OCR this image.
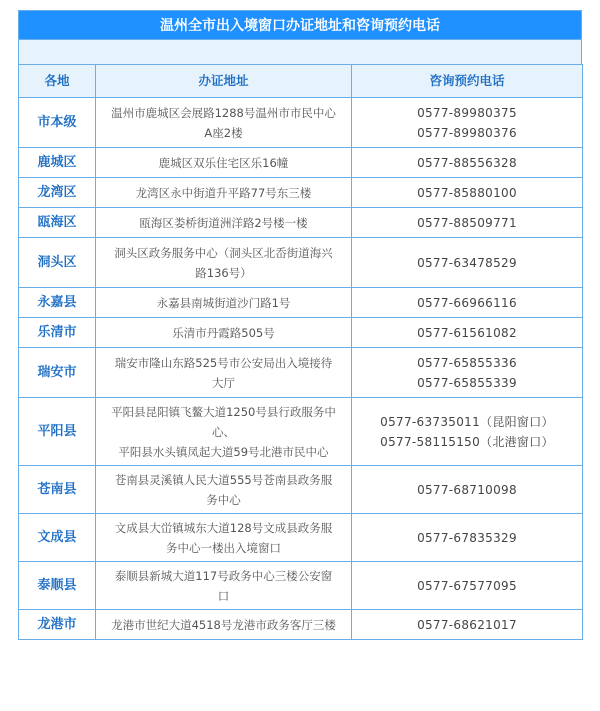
温州全市出入境窗口办证地址和咨询预约电话
各地	办证地址	咨询预约电话
市本级	温州市鹿城区会展路1288号温州市市民中心
A座2楼	0577-89980375
0577-89980376

鹿城区	鹿城区双乐住宅区乐16幢	0577-88556328

龙湾区	龙湾区永中街道升平路77号东三楼	0577-85880100

瓯海区	瓯海区娄桥街道洲洋路2号楼一楼	0577-88509771

洞头区	洞头区政务服务中心（洞头区北岙街道海兴
路136号）	0577-63478529

永嘉县	永嘉县南城街道沙门路1号	0577-66966116

乐清市	乐清市丹霞路505号	0577-61561082

瑞安市	瑞安市隆山东路525号市公安局出入境接待
大厅	0577-65855336
0577-65855339

平阳县	平阳县昆阳镇飞鳌大道1250号县行政服务中
心、
平阳县水头镇凤起大道59号北港市民中心	0577-63735011（昆阳窗口）
0577-58115150（北港窗口）

苍南县	苍南县灵溪镇人民大道555号苍南县政务服
务中心	0577-68710098

文成县	文成县大峃镇城东大道128号文成县政务服
务中心一楼出入境窗口	0577-67835329

泰顺县	泰顺县新城大道117号政务中心三楼公安窗
口	0577-67577095

龙港市	龙港市世纪大道4518号龙港市政务客厅三楼	0577-68621017
